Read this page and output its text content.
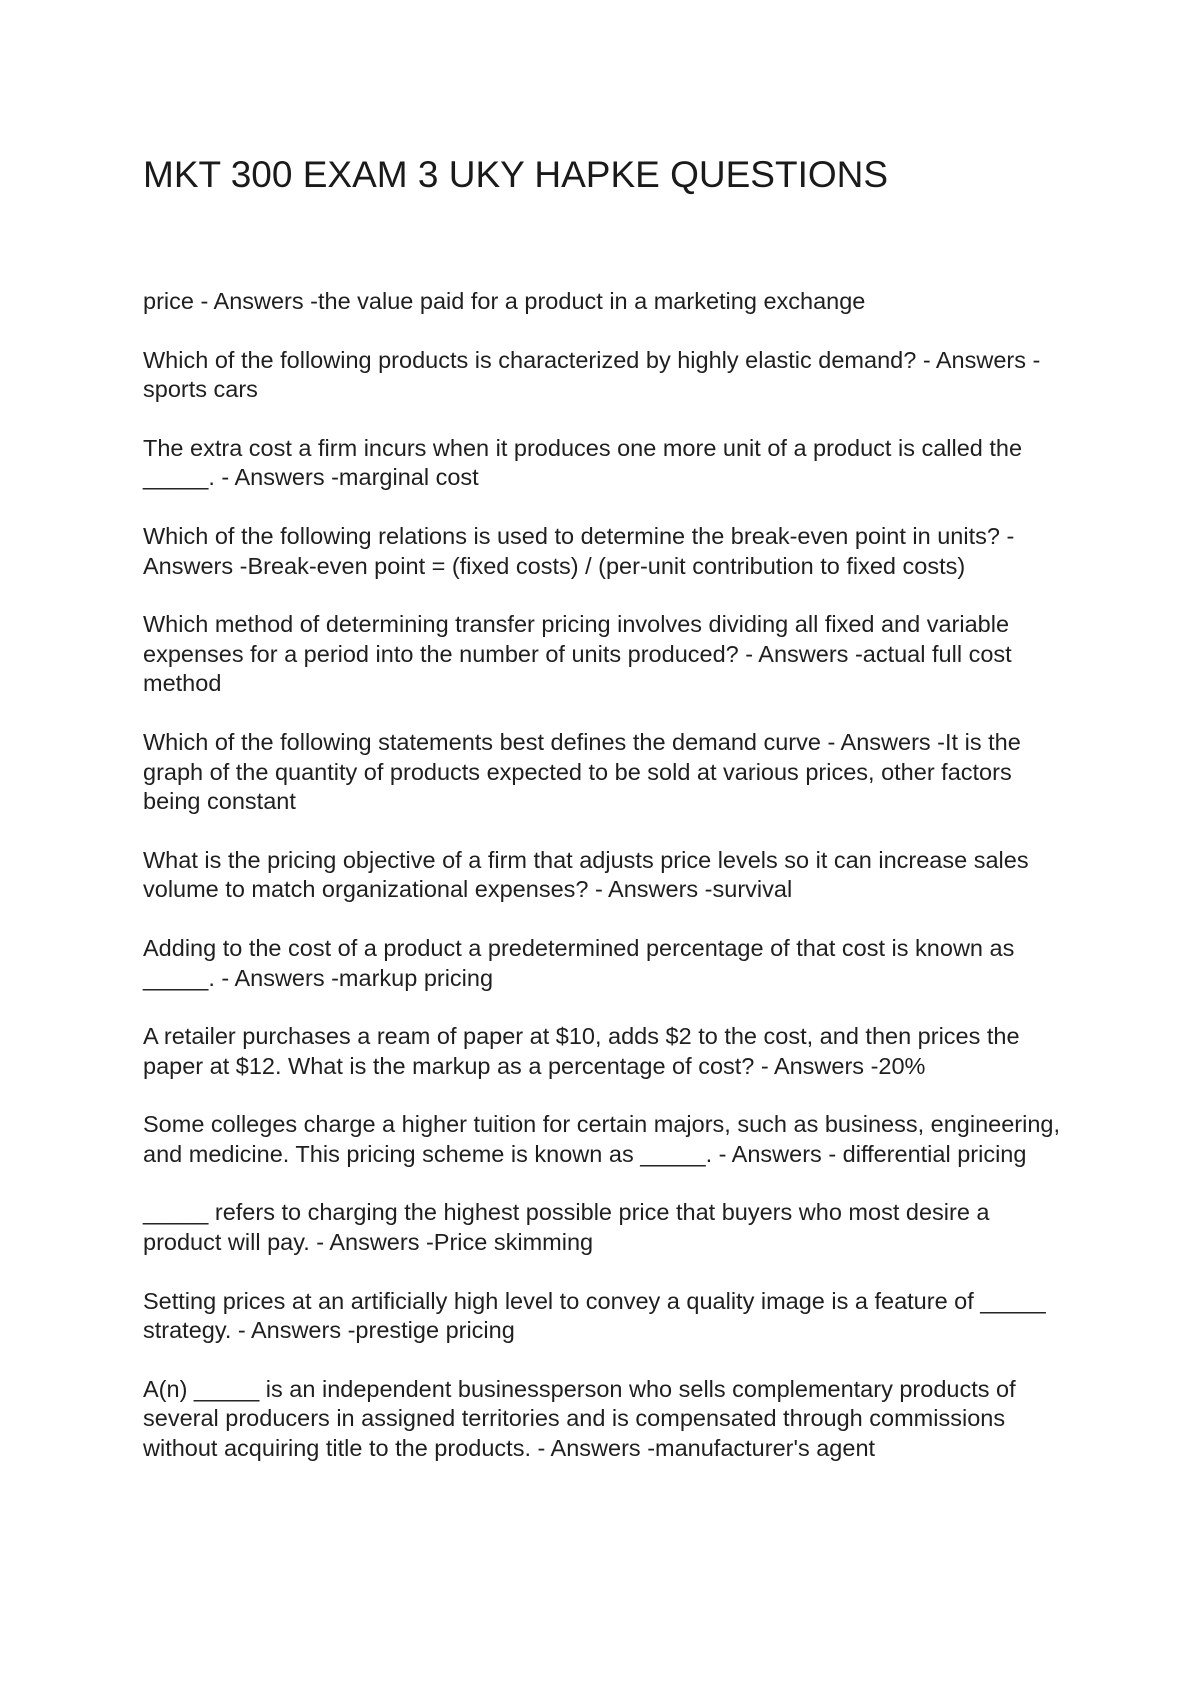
MKT 300 EXAM 3 UKY HAPKE QUESTIONS

price - Answers -the value paid for a product in a marketing exchange

Which of the following products is characterized by highly elastic demand? - Answers - sports cars

The extra cost a firm incurs when it produces one more unit of a product is called the _____. - Answers -marginal cost

Which of the following relations is used to determine the break-even point in units? - Answers -Break-even point = (fixed costs) / (per-unit contribution to fixed costs)

Which method of determining transfer pricing involves dividing all fixed and variable expenses for a period into the number of units produced? - Answers -actual full cost method

Which of the following statements best defines the demand curve - Answers -It is the graph of the quantity of products expected to be sold at various prices, other factors being constant

What is the pricing objective of a firm that adjusts price levels so it can increase sales volume to match organizational expenses? - Answers -survival

Adding to the cost of a product a predetermined percentage of that cost is known as _____. - Answers -markup pricing

A retailer purchases a ream of paper at $10, adds $2 to the cost, and then prices the paper at $12. What is the markup as a percentage of cost? - Answers -20%

Some colleges charge a higher tuition for certain majors, such as business, engineering, and medicine. This pricing scheme is known as _____. - Answers - differential pricing

_____ refers to charging the highest possible price that buyers who most desire a product will pay. - Answers -Price skimming

Setting prices at an artificially high level to convey a quality image is a feature of _____ strategy. - Answers -prestige pricing

A(n) _____ is an independent businessperson who sells complementary products of several producers in assigned territories and is compensated through commissions without acquiring title to the products. - Answers -manufacturer's agent
